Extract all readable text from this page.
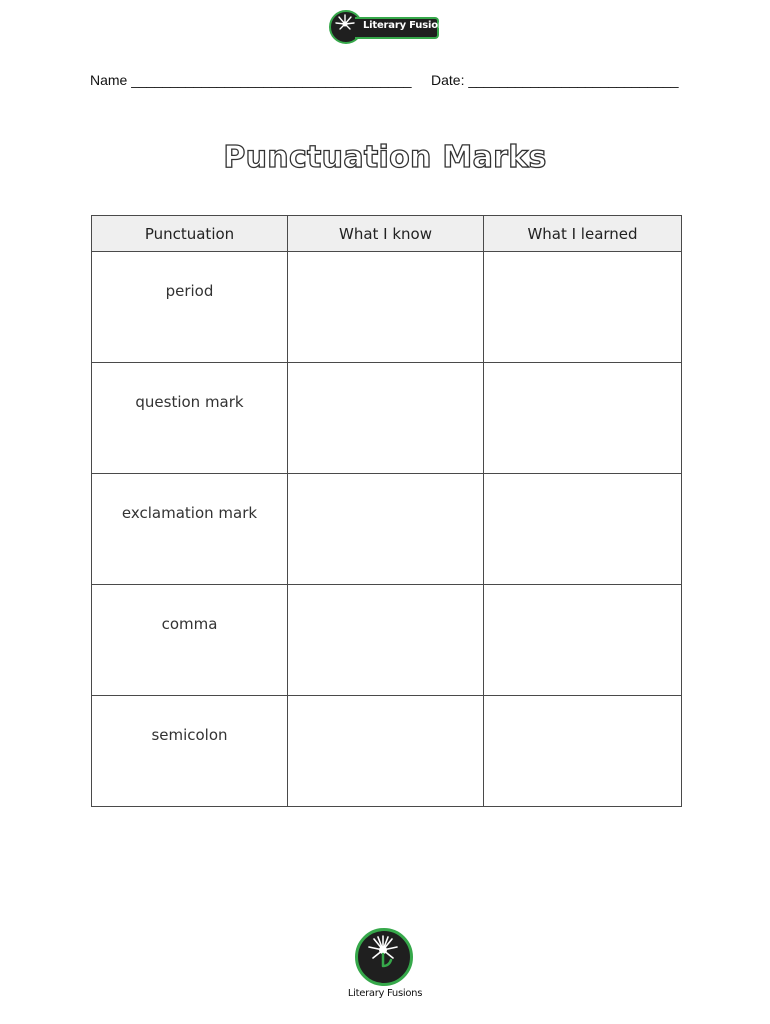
Literary Fusions
Name ____________________________________ Date: ___________________________
Punctuation Marks
Punctuation	What I know	What I learned
period		
question mark		
exclamation mark		
comma		
semicolon		
Literary Fusions
